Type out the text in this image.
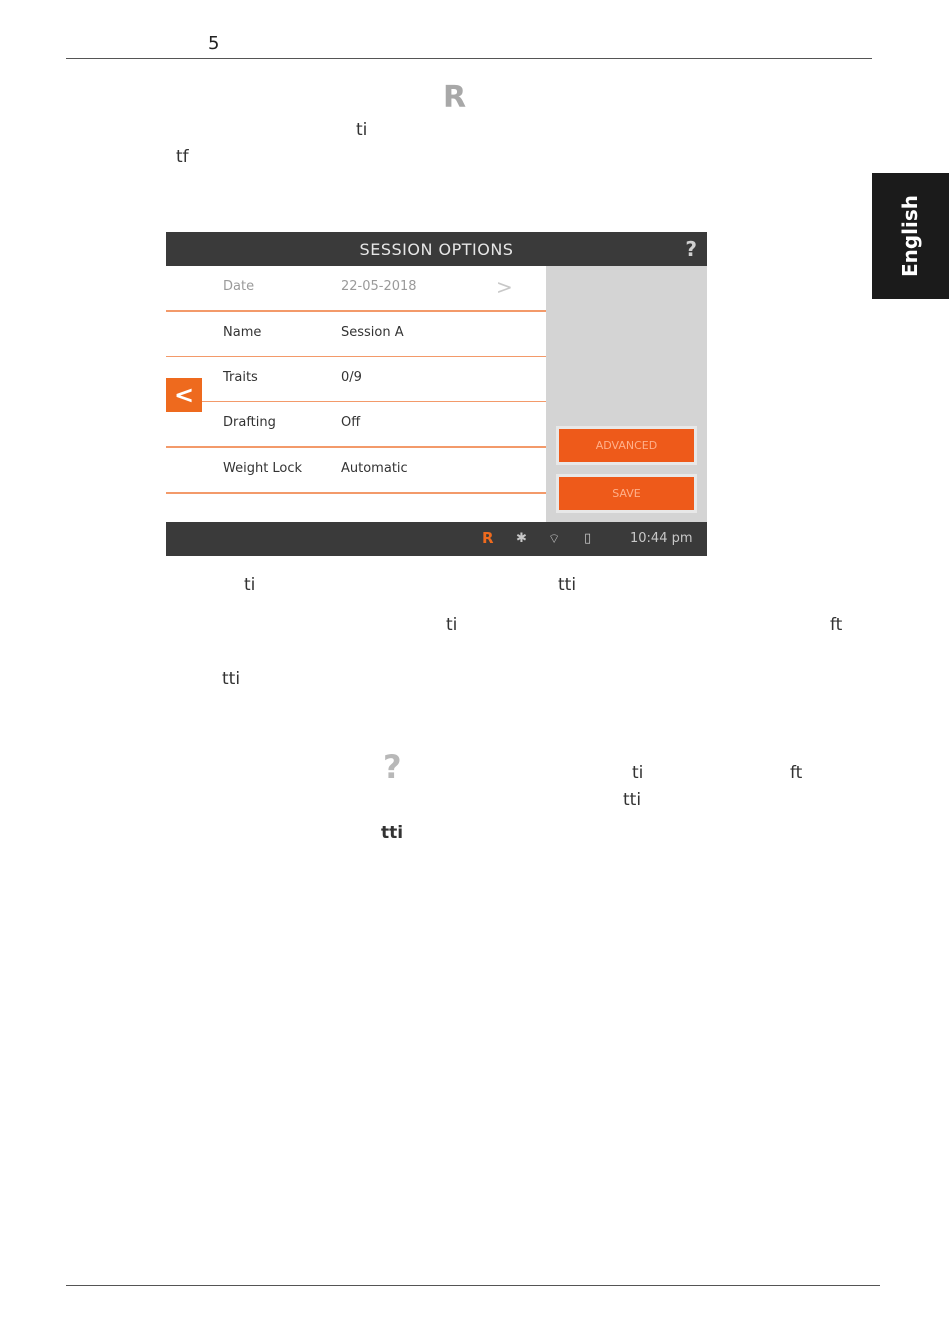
5
English
R
ti
tf
SESSION OPTIONS	?
Date	22-05-2018	>
Name	Session A
Traits	0/9
Drafting	Off
Weight Lock	Automatic
<
ADVANCED
SAVE
R ✱ ⌔ ▯	10:44 pm
ti	tti
ti	ft
tti
?	ti	ft
tti
tti
